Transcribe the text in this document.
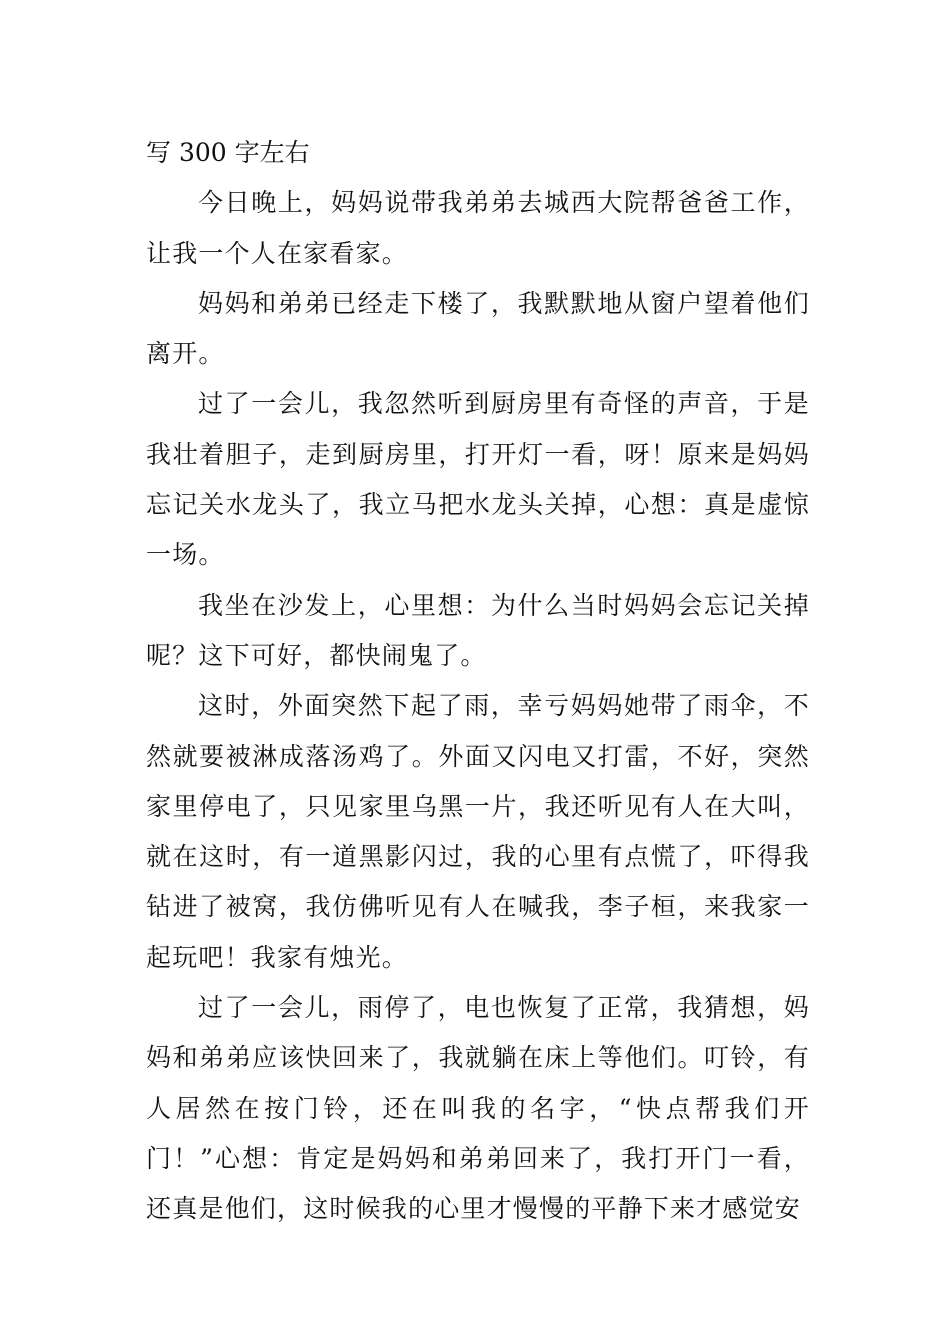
写 300 字左右

今日晚上，妈妈说带我弟弟去城西大院帮爸爸工作，让我一个人在家看家。

妈妈和弟弟已经走下楼了，我默默地从窗户望着他们离开。

过了一会儿，我忽然听到厨房里有奇怪的声音，于是我壮着胆子，走到厨房里，打开灯一看，呀！原来是妈妈忘记关水龙头了，我立马把水龙头关掉，心想：真是虚惊一场。

我坐在沙发上，心里想：为什么当时妈妈会忘记关掉呢？这下可好，都快闹鬼了。

这时，外面突然下起了雨，幸亏妈妈她带了雨伞，不然就要被淋成落汤鸡了。外面又闪电又打雷，不好，突然家里停电了，只见家里乌黑一片，我还听见有人在大叫，就在这时，有一道黑影闪过，我的心里有点慌了，吓得我钻进了被窝，我仿佛听见有人在喊我，李子桓，来我家一起玩吧！我家有烛光。

过了一会儿，雨停了，电也恢复了正常，我猜想，妈妈和弟弟应该快回来了，我就躺在床上等他们。叮铃，有人居然在按门铃，还在叫我的名字，“快点帮我们开门！”心想：肯定是妈妈和弟弟回来了，我打开门一看，还真是他们，这时候我的心里才慢慢的平静下来才感觉安
